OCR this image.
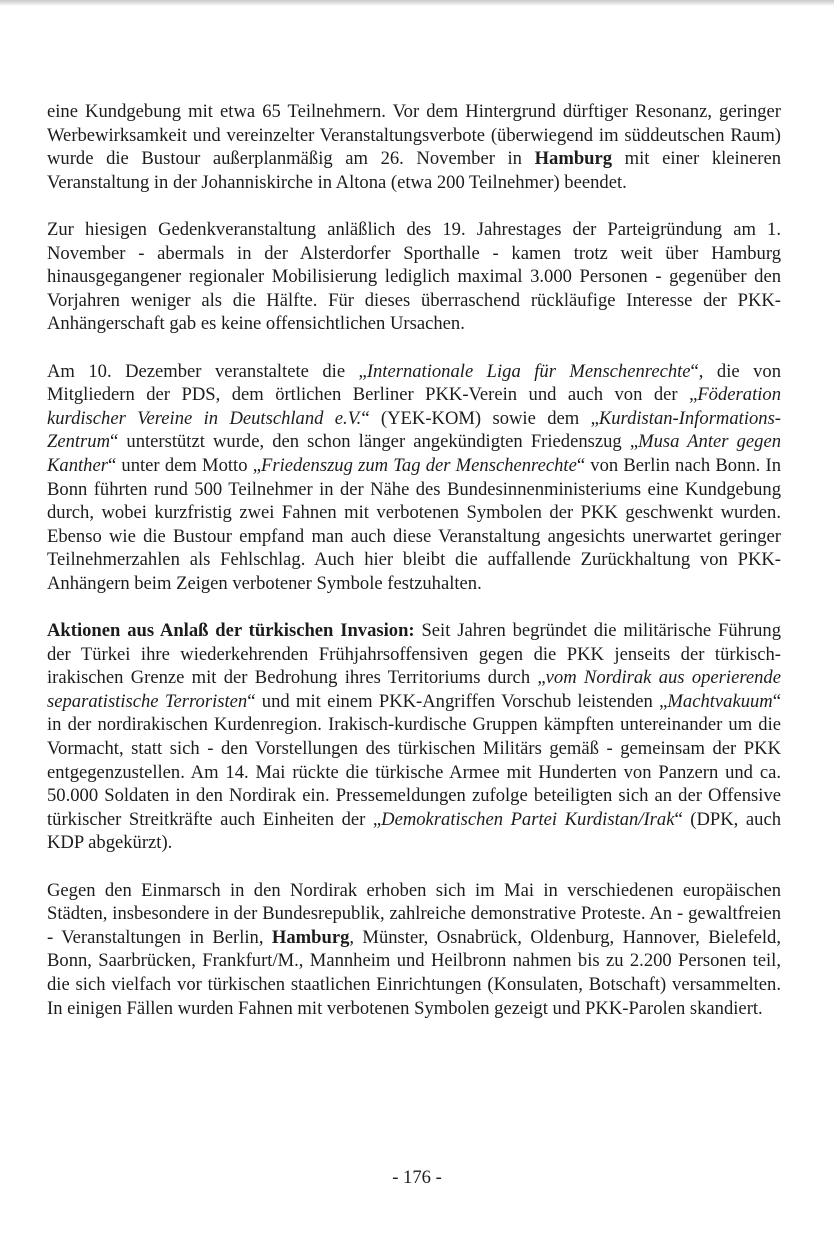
eine Kundgebung mit etwa 65 Teilnehmern. Vor dem Hintergrund dürftiger Resonanz, geringer Werbewirksamkeit und vereinzelter Veranstaltungsverbote (überwiegend im süddeutschen Raum) wurde die Bustour außerplanmäßig am 26. November in Hamburg mit einer kleineren Veranstaltung in der Johanniskirche in Altona (etwa 200 Teilnehmer) beendet.

Zur hiesigen Gedenkveranstaltung anläßlich des 19. Jahrestages der Parteigründung am 1. November - abermals in der Alsterdorfer Sporthalle - kamen trotz weit über Hamburg hinausgegangener regionaler Mobilisierung lediglich maximal 3.000 Personen - gegenüber den Vorjahren weniger als die Hälfte. Für dieses überraschend rückläufige Interesse der PKK-Anhängerschaft gab es keine offensichtlichen Ursachen.

Am 10. Dezember veranstaltete die „Internationale Liga für Menschenrechte“, die von Mitgliedern der PDS, dem örtlichen Berliner PKK-Verein und auch von der „Föderation kurdischer Vereine in Deutschland e.V.“ (YEK-KOM) sowie dem „Kurdistan-Informations-Zentrum“ unterstützt wurde, den schon länger angekündigten Friedenszug „Musa Anter gegen Kanther“ unter dem Motto „Friedenszug zum Tag der Menschenrechte“ von Berlin nach Bonn. In Bonn führten rund 500 Teilnehmer in der Nähe des Bundesinnenministeriums eine Kundgebung durch, wobei kurzfristig zwei Fahnen mit verbotenen Symbolen der PKK geschwenkt wurden. Ebenso wie die Bustour empfand man auch diese Veranstaltung angesichts unerwartet geringer Teilnehmerzahlen als Fehlschlag. Auch hier bleibt die auffallende Zurückhaltung von PKK-Anhängern beim Zeigen verbotener Symbole festzuhalten.

Aktionen aus Anlaß der türkischen Invasion: Seit Jahren begründet die militärische Führung der Türkei ihre wiederkehrenden Frühjahrsoffensiven gegen die PKK jenseits der türkisch-irakischen Grenze mit der Bedrohung ihres Territoriums durch „vom Nordirak aus operierende separatistische Terroristen“ und mit einem PKK-Angriffen Vorschub leistenden „Machtvakuum“ in der nordirakischen Kurdenregion. Irakisch-kurdische Gruppen kämpften untereinander um die Vormacht, statt sich - den Vorstellungen des türkischen Militärs gemäß - gemeinsam der PKK entgegenzustellen. Am 14. Mai rückte die türkische Armee mit Hunderten von Panzern und ca. 50.000 Soldaten in den Nordirak ein. Pressemeldungen zufolge beteiligten sich an der Offensive türkischer Streitkräfte auch Einheiten der „Demokratischen Partei Kurdistan/Irak“ (DPK, auch KDP abgekürzt).

Gegen den Einmarsch in den Nordirak erhoben sich im Mai in verschiedenen europäischen Städten, insbesondere in der Bundesrepublik, zahlreiche demonstrative Proteste. An - gewaltfreien - Veranstaltungen in Berlin, Hamburg, Münster, Osnabrück, Oldenburg, Hannover, Bielefeld, Bonn, Saarbrücken, Frankfurt/M., Mannheim und Heilbronn nahmen bis zu 2.200 Personen teil, die sich vielfach vor türkischen staatlichen Einrichtungen (Konsulaten, Botschaft) versammelten. In einigen Fällen wurden Fahnen mit verbotenen Symbolen gezeigt und PKK-Parolen skandiert.

- 176 -
